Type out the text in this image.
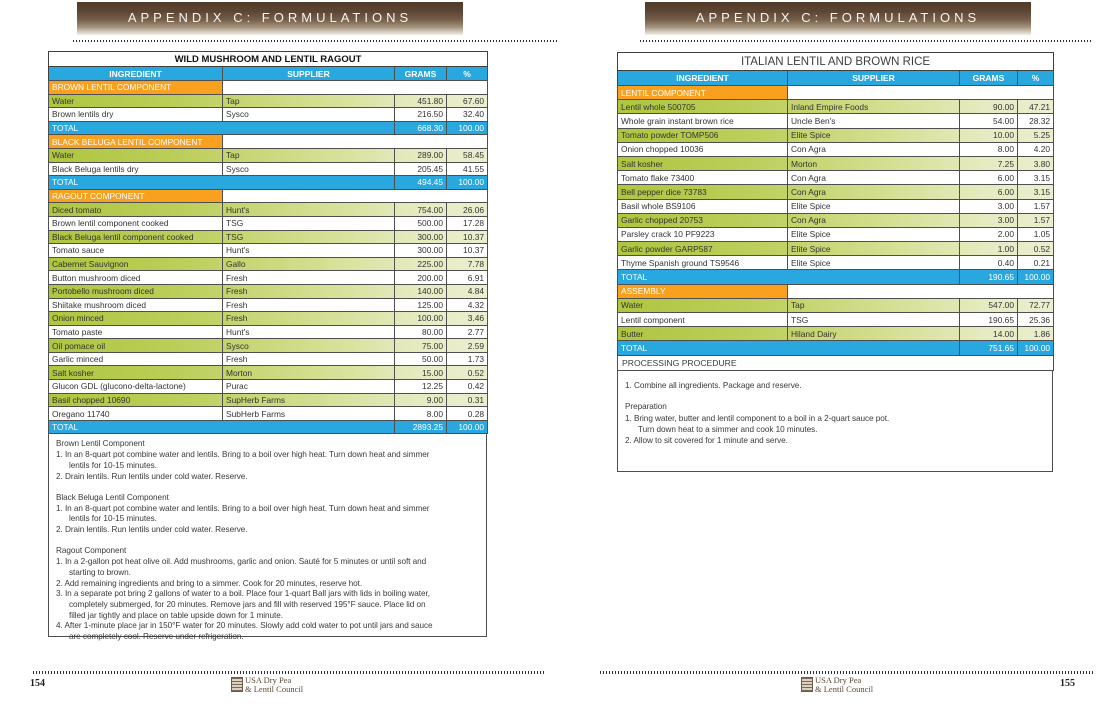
APPENDIX C: FORMULATIONS
WILD MUSHROOM AND LENTIL RAGOUT			
INGREDIENT	SUPPLIER	GRAMS	%
BROWN LENTIL COMPONENT			
Water	Tap	451.80	67.60
Brown lentils dry	Sysco	216.50	32.40
TOTAL		668.30	100.00
BLACK BELUGA LENTIL COMPONENT			
Water	Tap	289.00	58.45
Black Beluga lentils dry	Sysco	205.45	41.55
TOTAL		494.45	100.00
RAGOUT COMPONENT			
Diced tomato	Hunt's	754.00	26.06
Brown lentil component cooked	TSG	500.00	17.28
Black Beluga lentil component cooked	TSG	300.00	10.37
Tomato sauce	Hunt's	300.00	10.37
Cabernet Sauvignon	Gallo	225.00	7.78
Button mushroom diced	Fresh	200.00	6.91
Portobello mushroom diced	Fresh	140.00	4.84
Shiitake mushroom diced	Fresh	125.00	4.32
Onion minced	Fresh	100.00	3.46
Tomato paste	Hunt's	80.00	2.77
Oil pomace oil	Sysco	75.00	2.59
Garlic minced	Fresh	50.00	1.73
Salt kosher	Morton	15.00	0.52
Glucon GDL (glucono-delta-lactone)	Purac	12.25	0.42
Basil chopped 10690	SupHerb Farms	9.00	0.31
Oregano 11740	SubHerb Farms	8.00	0.28
TOTAL		2893.25	100.00
Brown Lentil Component
1. In an 8-quart pot combine water and lentils. Bring to a boil over high heat. Turn down heat and simmer
lentils for 10-15 minutes.
2. Drain lentils. Run lentils under cold water. Reserve.
Black Beluga Lentil Component
1. In an 8-quart pot combine water and lentils. Bring to a boil over high heat. Turn down heat and simmer
lentils for 10-15 minutes.
2. Drain lentils. Run lentils under cold water. Reserve.
Ragout Component
1. In a 2-gallon pot heat olive oil. Add mushrooms, garlic and onion. Sauté for 5 minutes or until soft and
starting to brown.
2. Add remaining ingredients and bring to a simmer. Cook for 20 minutes, reserve hot.
3. In a separate pot bring 2 gallons of water to a boil. Place four 1-quart Ball jars with lids in boiling water,
completely submerged, for 20 minutes. Remove jars and fill with reserved 195°F sauce. Place lid on
filled jar tightly and place on table upside down for 1 minute.
4. After 1-minute place jar in 150°F water for 20 minutes. Slowly add cold water to pot until jars and sauce
are completely cool. Reserve under refrigeration.
154	USA Dry Pea
& Lentil Council
APPENDIX C: FORMULATIONS
ITALIAN LENTIL AND BROWN RICE			
INGREDIENT	SUPPLIER	GRAMS	%
LENTIL COMPONENT			
Lentil whole 500705	Inland Empire Foods	90.00	47.21
Whole grain instant brown rice	Uncle Ben's	54.00	28.32
Tomato powder TOMP506	Elite Spice	10.00	5.25
Onion chopped 10036	Con Agra	8.00	4.20
Salt kosher	Morton	7.25	3.80
Tomato flake 73400	Con Agra	6.00	3.15
Bell pepper dice 73783	Con Agra	6.00	3.15
Basil whole BS9106	Elite Spice	3.00	1.57
Garlic chopped 20753	Con Agra	3.00	1.57
Parsley crack 10 PF9223	Elite Spice	2.00	1.05
Garlic powder GARP587	Elite Spice	1.00	0.52
Thyme Spanish ground TS9546	Elite Spice	0.40	0.21
TOTAL		190.65	100.00
ASSEMBLY			
Water	Tap	547.00	72.77
Lentil component	TSG	190.65	25.36
Butter	Hiland Dairy	14.00	1.86
TOTAL		751.65	100.00
PROCESSING PROCEDURE			
1. Combine all ingredients. Package and reserve.
Preparation
1. Bring water, butter and lentil component to a boil in a 2-quart sauce pot.
Turn down heat to a simmer and cook 10 minutes.
2. Allow to sit covered for 1 minute and serve.
155
USA Dry Pea
& Lentil Council
